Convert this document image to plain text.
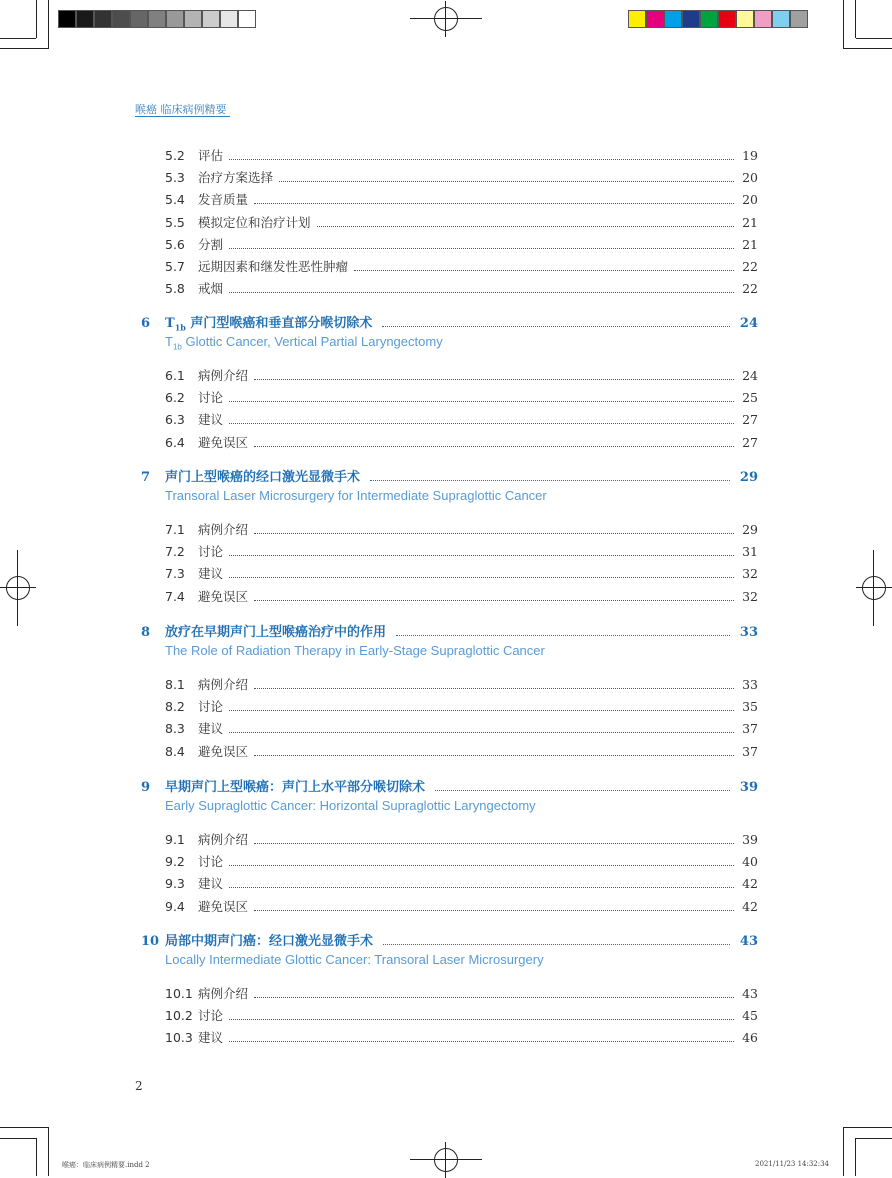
喉癌 临床病例精要
5.2	评估	19
5.3	治疗方案选择	20
5.4	发音质量	20
5.5	模拟定位和治疗计划	21
5.6	分割	21
5.7	远期因素和继发性恶性肿瘤	22
5.8	戒烟	22
6	$T_{1b}$ 声门型喉癌和垂直部分喉切除术	24
$T_{1b}$ Glottic Cancer, Vertical Partial Laryngectomy
6.1	病例介绍	24
6.2	讨论	25
6.3	建议	27
6.4	避免误区	27
7	声门上型喉癌的经口激光显微手术	29
Transoral Laser Microsurgery for Intermediate Supraglottic Cancer
7.1	病例介绍	29
7.2	讨论	31
7.3	建议	32
7.4	避免误区	32
8	放疗在早期声门上型喉癌治疗中的作用	33
The Role of Radiation Therapy in Early-Stage Supraglottic Cancer
8.1	病例介绍	33
8.2	讨论	35
8.3	建议	37
8.4	避免误区	37
9	早期声门上型喉癌：声门上水平部分喉切除术	39
Early Supraglottic Cancer: Horizontal Supraglottic Laryngectomy
9.1	病例介绍	39
9.2	讨论	40
9.3	建议	42
9.4	避免误区	42
10 局部中期声门癌：经口激光显微手术	43
Locally Intermediate Glottic Cancer: Transoral Laser Microsurgery
10.1 病例介绍	43
10.2 讨论	45
10.3 建议	46
2
喉癌：临床病例精要.indd 2	2021/11/23 14:32:34
